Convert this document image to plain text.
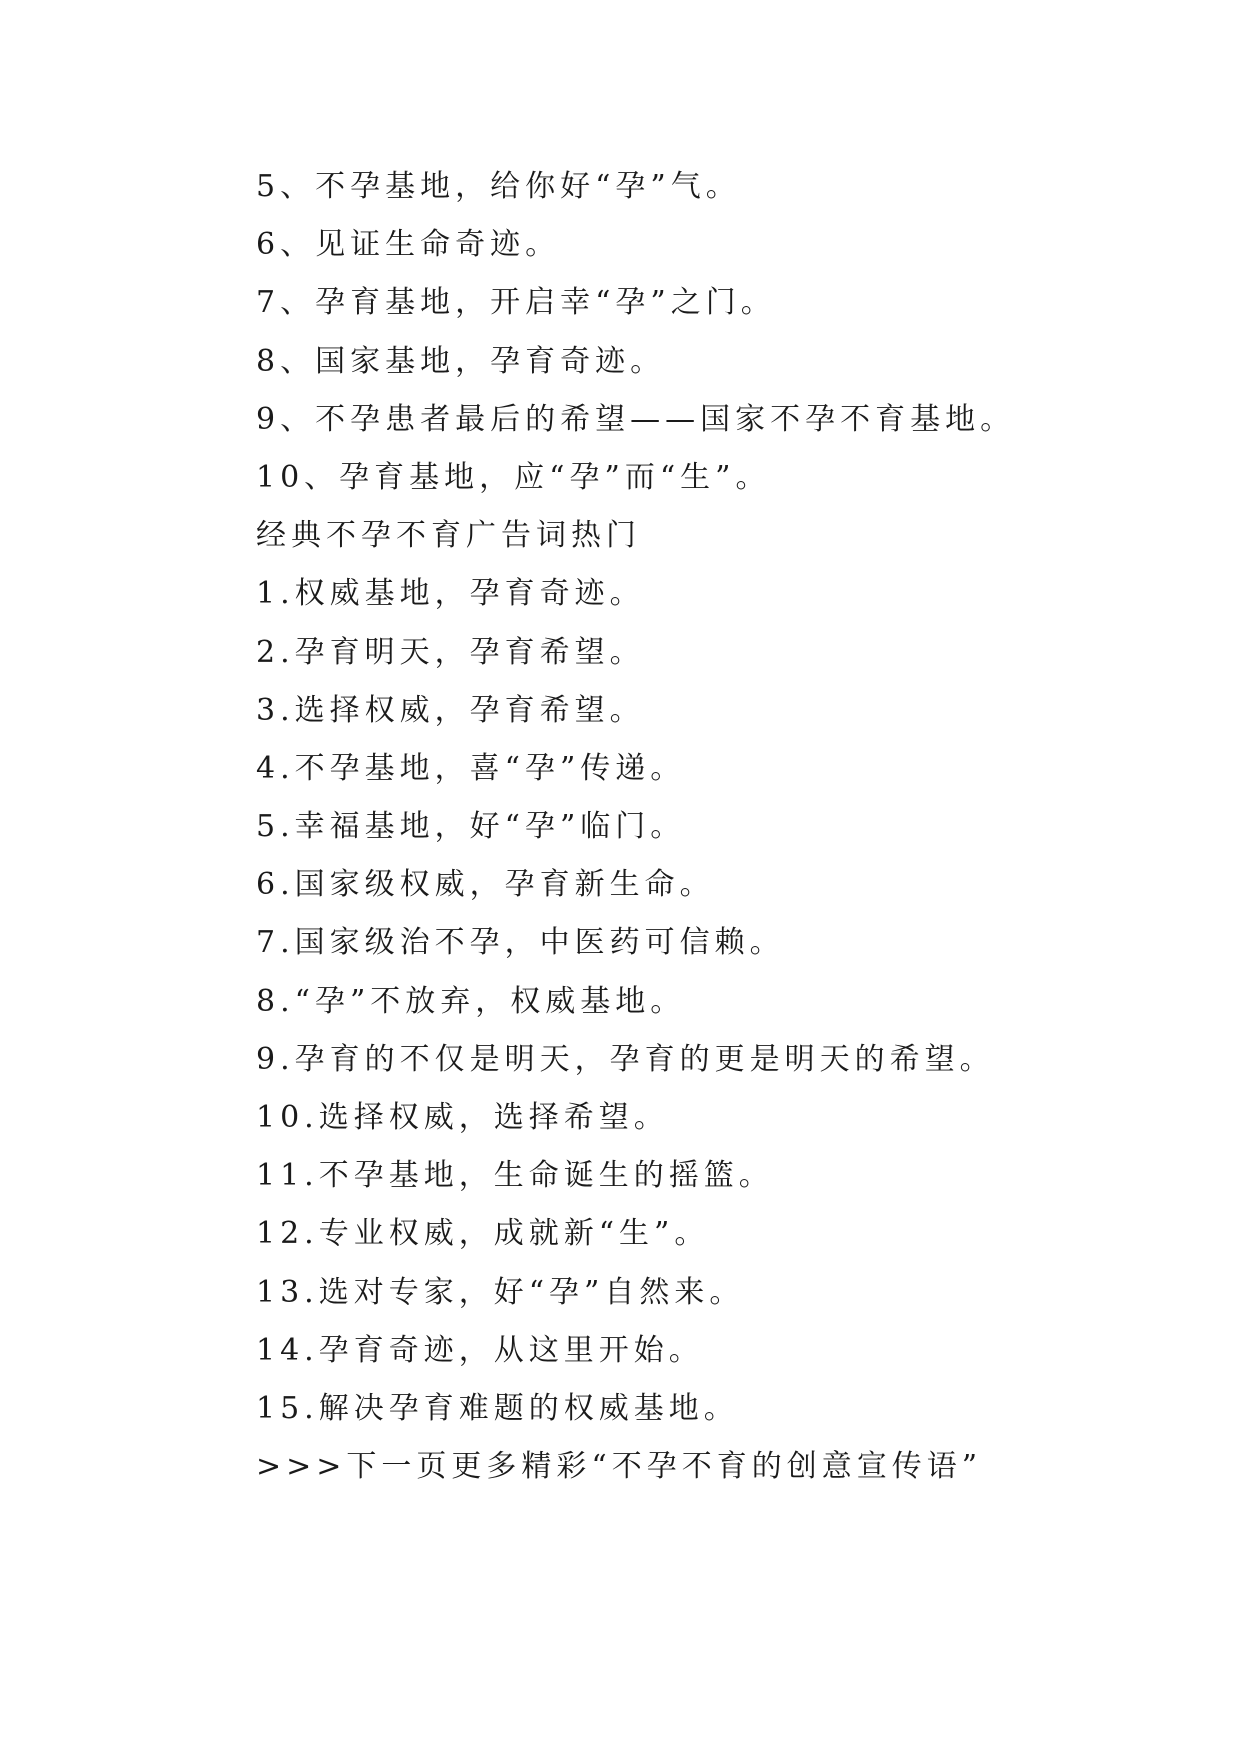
5、不孕基地，给你好“孕”气。
6、见证生命奇迹。
7、孕育基地，开启幸“孕”之门。
8、国家基地，孕育奇迹。
9、不孕患者最后的希望——国家不孕不育基地。
10、孕育基地，应“孕”而“生”。
经典不孕不育广告词热门
1.权威基地，孕育奇迹。
2.孕育明天，孕育希望。
3.选择权威，孕育希望。
4.不孕基地，喜“孕”传递。
5.幸福基地，好“孕”临门。
6.国家级权威，孕育新生命。
7.国家级治不孕，中医药可信赖。
8.“孕”不放弃，权威基地。
9.孕育的不仅是明天，孕育的更是明天的希望。
10.选择权威，选择希望。
11.不孕基地，生命诞生的摇篮。
12.专业权威，成就新“生”。
13.选对专家，好“孕”自然来。
14.孕育奇迹，从这里开始。
15.解决孕育难题的权威基地。
>>>下一页更多精彩“不孕不育的创意宣传语”
